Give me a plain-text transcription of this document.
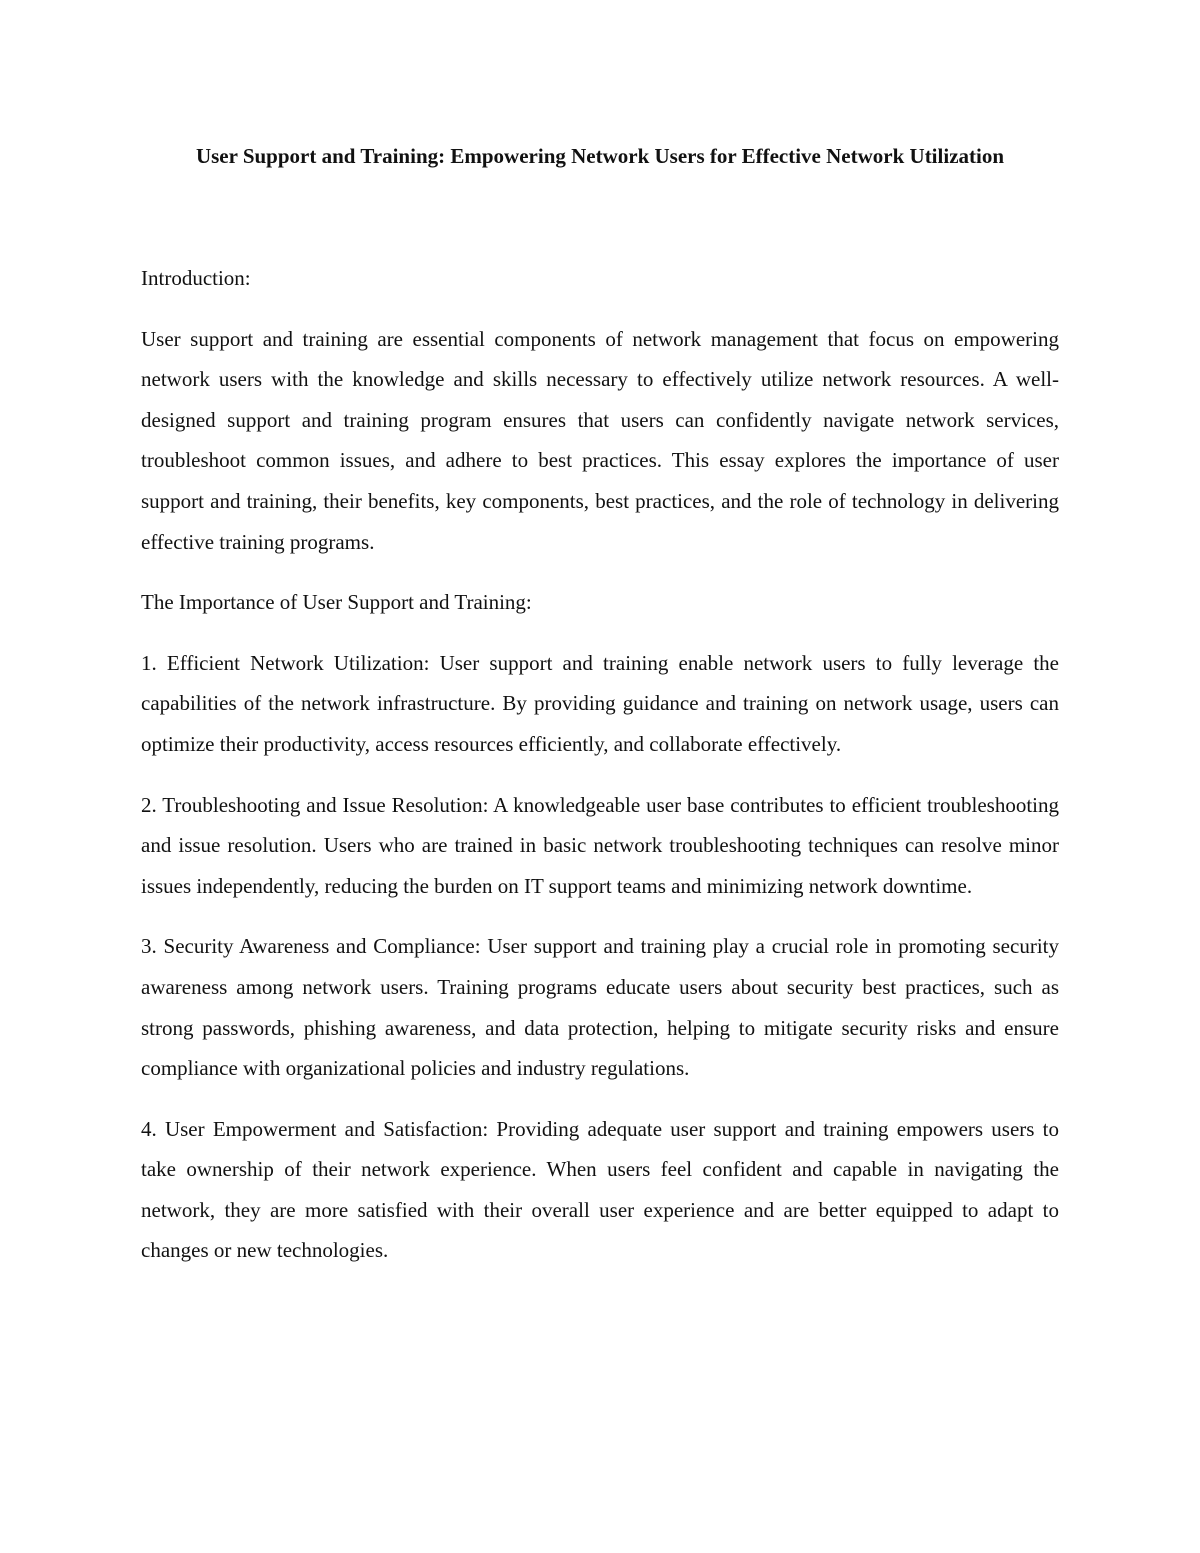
User Support and Training: Empowering Network Users for Effective Network Utilization

Introduction:

User support and training are essential components of network management that focus on empowering network users with the knowledge and skills necessary to effectively utilize network resources. A well-designed support and training program ensures that users can confidently navigate network services, troubleshoot common issues, and adhere to best practices. This essay explores the importance of user support and training, their benefits, key components, best practices, and the role of technology in delivering effective training programs.

The Importance of User Support and Training:

1. Efficient Network Utilization: User support and training enable network users to fully leverage the capabilities of the network infrastructure. By providing guidance and training on network usage, users can optimize their productivity, access resources efficiently, and collaborate effectively.

2. Troubleshooting and Issue Resolution: A knowledgeable user base contributes to efficient troubleshooting and issue resolution. Users who are trained in basic network troubleshooting techniques can resolve minor issues independently, reducing the burden on IT support teams and minimizing network downtime.

3. Security Awareness and Compliance: User support and training play a crucial role in promoting security awareness among network users. Training programs educate users about security best practices, such as strong passwords, phishing awareness, and data protection, helping to mitigate security risks and ensure compliance with organizational policies and industry regulations.

4. User Empowerment and Satisfaction: Providing adequate user support and training empowers users to take ownership of their network experience. When users feel confident and capable in navigating the network, they are more satisfied with their overall user experience and are better equipped to adapt to changes or new technologies.
